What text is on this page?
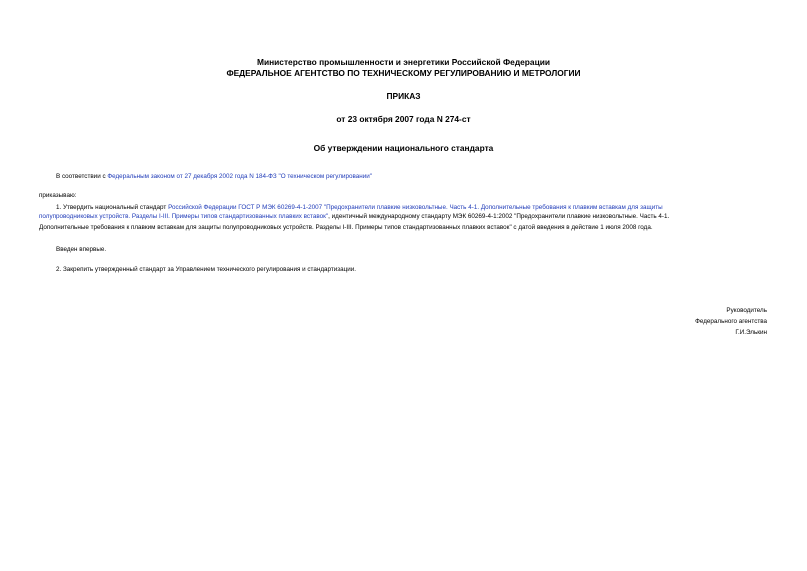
Министерство промышленности и энергетики Российской Федерации
ФЕДЕРАЛЬНОЕ АГЕНТСТВО ПО ТЕХНИЧЕСКОМУ РЕГУЛИРОВАНИЮ И МЕТРОЛОГИИ
ПРИКАЗ
от 23 октября 2007 года N 274-ст
Об утверждении национального стандарта
В соответствии с Федеральным законом от 27 декабря 2002 года N 184-ФЗ "О техническом регулировании"
приказываю:
1. Утвердить национальный стандарт Российской Федерации ГОСТ Р МЭК 60269-4-1-2007 "Предохранители плавкие низковольтные. Часть 4-1. Дополнительные требования к плавким вставкам для защиты
полупроводниковых устройств. Разделы I-III. Примеры типов стандартизованных плавких вставок", идентичный международному стандарту МЭК 60269-4-1:2002 "Предохранители плавкие низковольтные. Часть 4-1.
Дополнительные требования к плавким вставкам для защиты полупроводниковых устройств. Разделы I-III. Примеры типов стандартизованных плавких вставок" с датой введения в действие 1 июля 2008 года.
Введен впервые.
2. Закрепить утвержденный стандарт за Управлением технического регулирования и стандартизации.
Руководитель
Федерального агентства
Г.И.Элькин
